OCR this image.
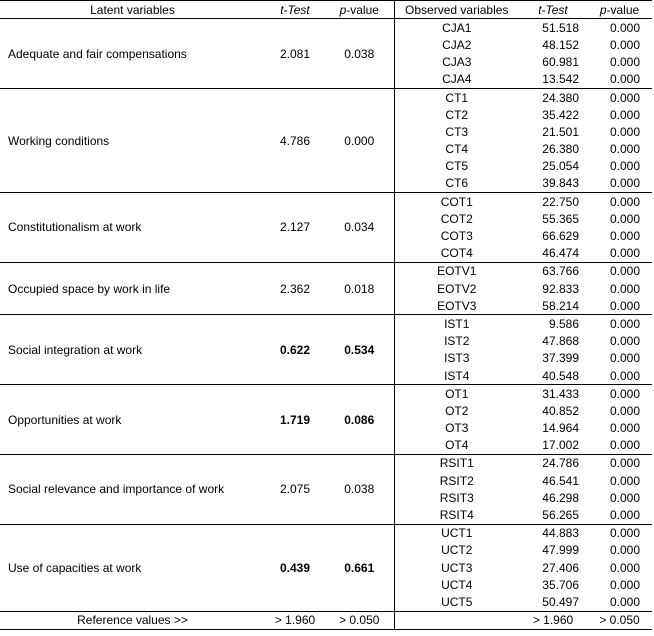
Latent variables	t-Test	p-value	Observed variables	t-Test	p-value
Adequate and fair compensations	2.081	0.038	CJA1	51.518	0.000
			CJA2	48.152	0.000
			CJA3	60.981	0.000
			CJA4	13.542	0.000
Working conditions	4.786	0.000	CT1	24.380	0.000
			CT2	35.422	0.000
			CT3	21.501	0.000
			CT4	26.380	0.000
			CT5	25.054	0.000
			CT6	39.843	0.000
Constitutionalism at work	2.127	0.034	COT1	22.750	0.000
			COT2	55.365	0.000
			COT3	66.629	0.000
			COT4	46.474	0.000
Occupied space by work in life	2.362	0.018	EOTV1	63.766	0.000
			EOTV2	92.833	0.000
			EOTV3	58.214	0.000
Social integration at work	0.622	0.534	IST1	9.586	0.000
			IST2	47.868	0.000
			IST3	37.399	0.000
			IST4	40.548	0.000
Opportunities at work	1.719	0.086	OT1	31.433	0.000
			OT2	40.852	0.000
			OT3	14.964	0.000
			OT4	17.002	0.000
Social relevance and importance of work	2.075	0.038	RSIT1	24.786	0.000
			RSIT2	46.541	0.000
			RSIT3	46.298	0.000
			RSIT4	56.265	0.000
Use of capacities at work	0.439	0.661	UCT1	44.883	0.000
			UCT2	47.999	0.000
			UCT3	27.406	0.000
			UCT4	35.706	0.000
			UCT5	50.497	0.000
Reference values >>	> 1.960	> 0.050		> 1.960	> 0.050
